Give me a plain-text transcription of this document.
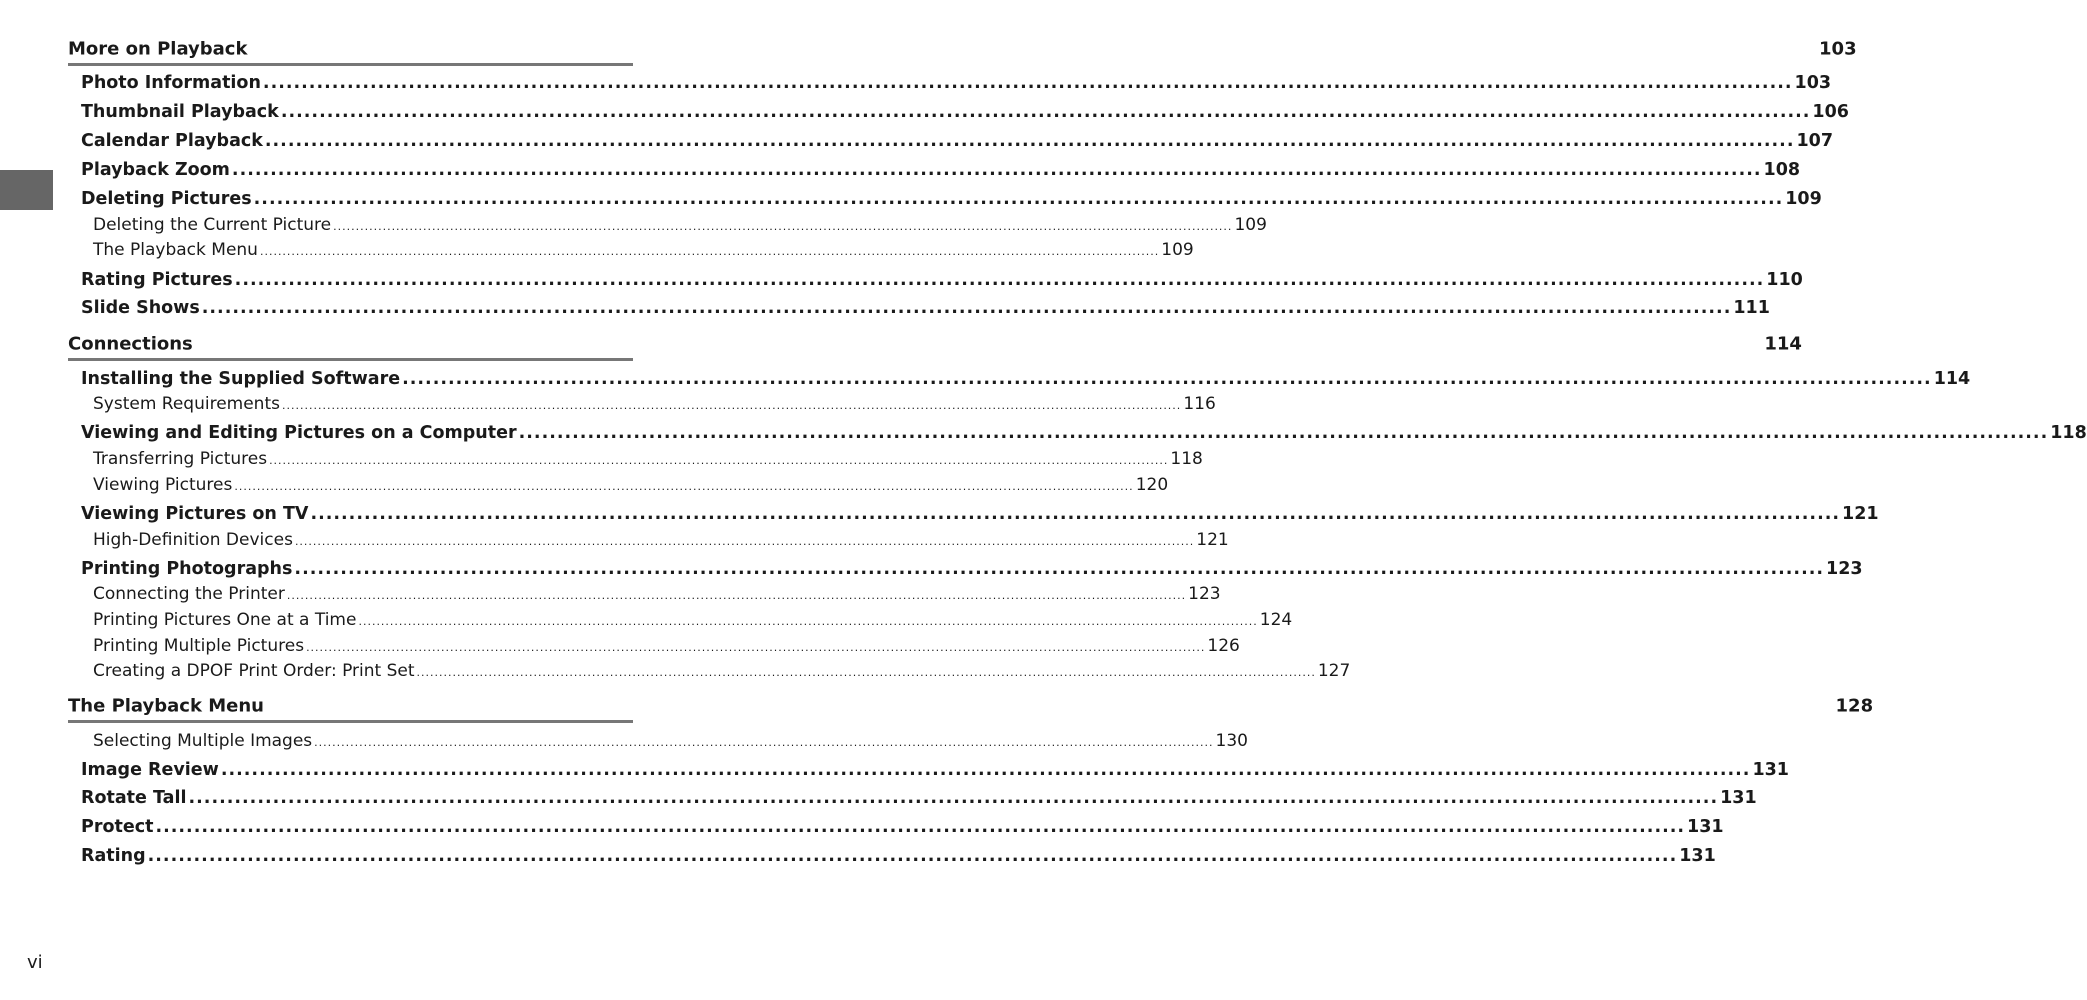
More on Playback	103
Photo Information ........................................................................................................................................................................................................ 103
Thumbnail Playback ........................................................................................................................................................................................................ 106
Calendar Playback ........................................................................................................................................................................................................ 107
Playback Zoom ........................................................................................................................................................................................................ 108
Deleting Pictures ........................................................................................................................................................................................................ 109
Deleting the Current Picture ........................................................................................................................................................................................................ 109
The Playback Menu ........................................................................................................................................................................................................ 109
Rating Pictures ........................................................................................................................................................................................................ 110
Slide Shows ........................................................................................................................................................................................................ 111
Connections	114
Installing the Supplied Software ........................................................................................................................................................................................................ 114
System Requirements ........................................................................................................................................................................................................ 116
Viewing and Editing Pictures on a Computer ........................................................................................................................................................................................................ 118
Transferring Pictures ........................................................................................................................................................................................................ 118
Viewing Pictures ........................................................................................................................................................................................................ 120
Viewing Pictures on TV ........................................................................................................................................................................................................ 121
High-Definition Devices ........................................................................................................................................................................................................ 121
Printing Photographs ........................................................................................................................................................................................................ 123
Connecting the Printer ........................................................................................................................................................................................................ 123
Printing Pictures One at a Time ........................................................................................................................................................................................................ 124
Printing Multiple Pictures ........................................................................................................................................................................................................ 126
Creating a DPOF Print Order: Print Set ........................................................................................................................................................................................................ 127
The Playback Menu	128
Selecting Multiple Images ........................................................................................................................................................................................................ 130
Image Review ........................................................................................................................................................................................................ 131
Rotate Tall ........................................................................................................................................................................................................ 131
Protect ........................................................................................................................................................................................................ 131
Rating ........................................................................................................................................................................................................ 131
vi
